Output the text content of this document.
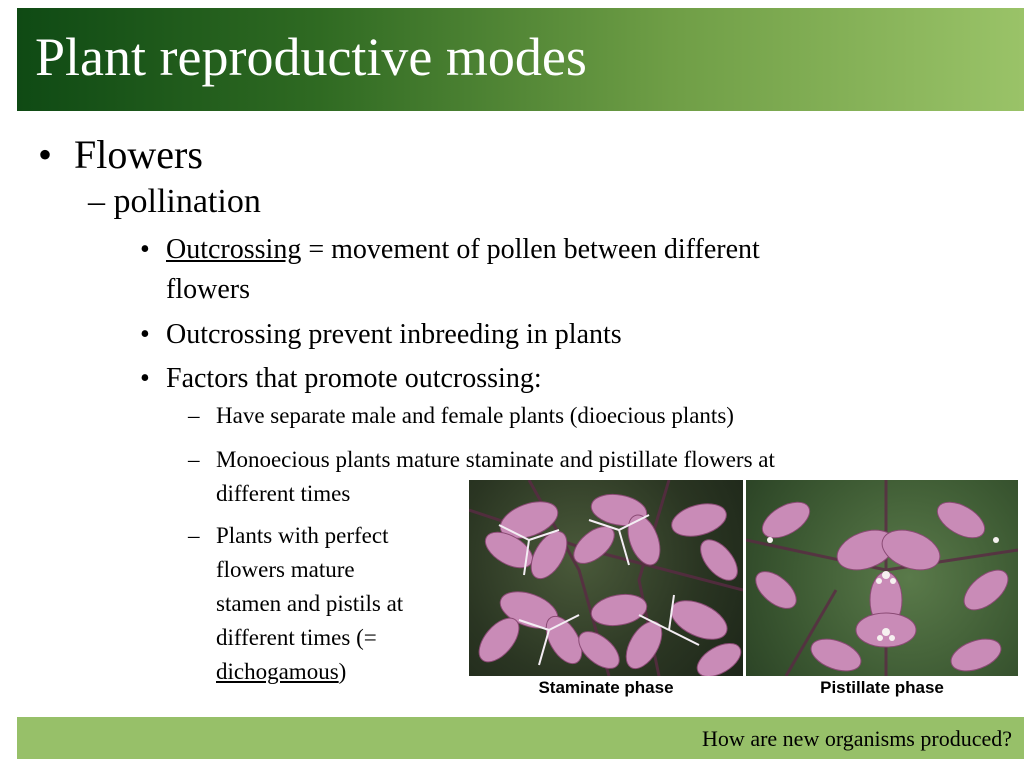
Plant reproductive modes
• Flowers
– pollination
• Outcrossing = movement of pollen between different
flowers
• Outcrossing prevent inbreeding in plants
• Factors that promote outcrossing:
– Have separate male and female plants (dioecious plants)
– Monoecious plants mature staminate and pistillate flowers at
different times
– Plants with perfect
flowers mature
stamen and pistils at
different times (=
dichogamous)
Staminate phase	Pistillate phase
How are new organisms produced?
